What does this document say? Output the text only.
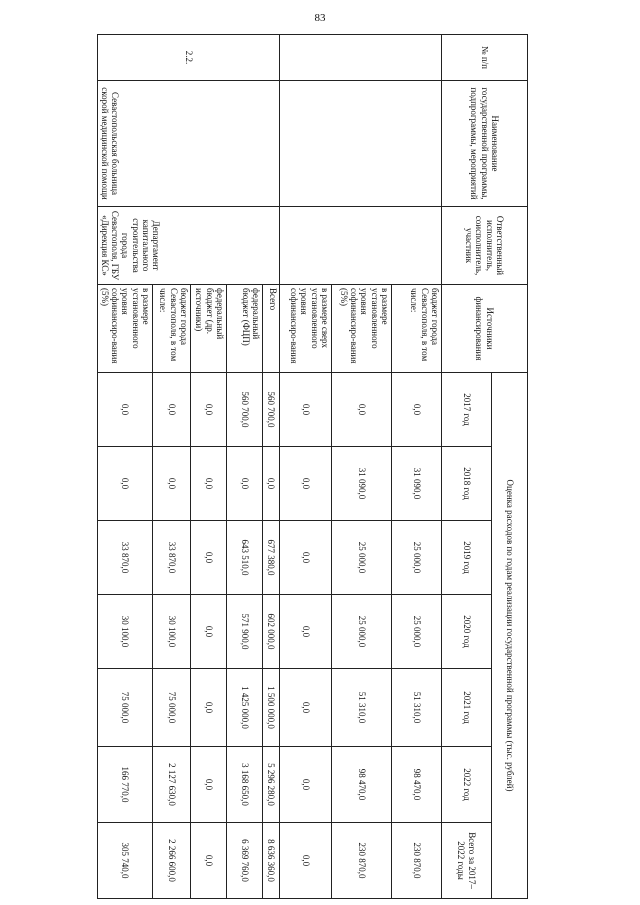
83
№ п/п	Наименование государственной программы, подпрограммы, мероприятий	Ответственный исполнитель, соисполнитель, участник	Источники финансирования	Оценка расходов по годам реализации государственной программы (тыс. рублей)						
				2017 год	2018 год	2019 год	2020 год	2021 год	2022 год	Всего за 2017–2022 годы
			бюджет города Севастополя, в том числе:	0,0	31 090,0	25 000,0	25 000,0	51 310,0	98 470,0	230 870,0
			в размере установленного уровня софинансиро-вания (5%)	0,0	31 090,0	25 000,0	25 000,0	51 310,0	98 470,0	230 870,0
			в размере сверх установленного уровня софинансиро-вания	0,0	0,0	0,0	0,0	0,0	0,0	0,0
2.2.	Севастопольская больница скорой медицинской помощи	Департамент капитального строительства города Севастополя, ГБУ «Дирекция КС»	Всего	560 700,0	0,0	677 380,0	602 000,0	1 500 000,0	5 296 280,0	8 636 360,0
			федеральный бюджет (ФЦП)	560 700,0	0,0	643 510,0	571 900,0	1 425 000,0	3 168 650,0	6 369 760,0
			федеральный бюджет (др. источники)	0,0	0,0	0,0	0,0	0,0	0,0	0,0
			бюджет города Севастополя, в том числе:	0,0	0,0	33 870,0	30 100,0	75 000,0	2 127 630,0	2 266 600,0
			в размере установленного уровня софинансиро-вания (5%)	0,0	0,0	33 870,0	30 100,0	75 000,0	166 770,0	305 740,0
